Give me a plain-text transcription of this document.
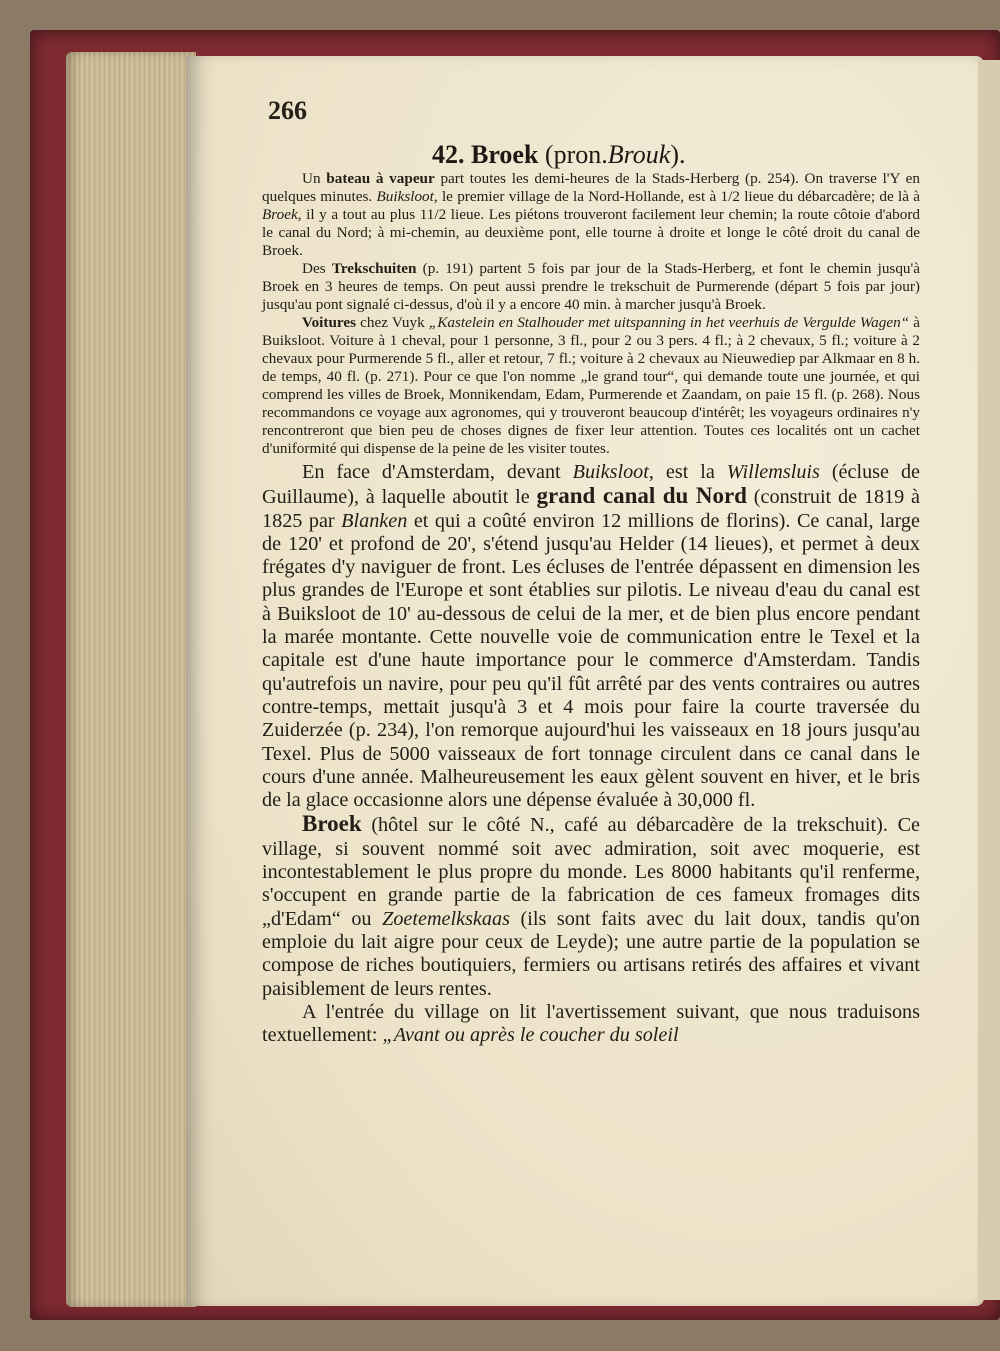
266
42. Broek (pron.Brouk).

Un bateau à vapeur part toutes les demi-heures de la Stads-Herberg (p. 254). On traverse l'Y en quelques minutes. Buiksloot, le premier village de la Nord-Hollande, est à 1/2 lieue du débarcadère; de là à Broek, il y a tout au plus 11/2 lieue. Les piétons trouveront facilement leur chemin; la route côtoie d'abord le canal du Nord; à mi-chemin, au deuxième pont, elle tourne à droite et longe le côté droit du canal de Broek.

Des Trekschuiten (p. 191) partent 5 fois par jour de la Stads-Herberg, et font le chemin jusqu'à Broek en 3 heures de temps. On peut aussi prendre le trekschuit de Purmerende (départ 5 fois par jour) jusqu'au pont signalé ci-dessus, d'où il y a encore 40 min. à marcher jusqu'à Broek.

Voitures chez Vuyk „Kastelein en Stalhouder met uitspanning in het veerhuis de Vergulde Wagen“ à Buiksloot. Voiture à 1 cheval, pour 1 personne, 3 fl., pour 2 ou 3 pers. 4 fl.; à 2 chevaux, 5 fl.; voiture à 2 chevaux pour Purmerende 5 fl., aller et retour, 7 fl.; voiture à 2 chevaux au Nieuwediep par Alkmaar en 8 h. de temps, 40 fl. (p. 271). Pour ce que l'on nomme „le grand tour“, qui demande toute une journée, et qui comprend les villes de Broek, Monnikendam, Edam, Purmerende et Zaandam, on paie 15 fl. (p. 268). Nous recommandons ce voyage aux agronomes, qui y trouveront beaucoup d'intérêt; les voyageurs ordinaires n'y rencontreront que bien peu de choses dignes de fixer leur attention. Toutes ces localités ont un cachet d'uniformité qui dispense de la peine de les visiter toutes.

En face d'Amsterdam, devant Buiksloot, est la Willemsluis (écluse de Guillaume), à laquelle aboutit le grand canal du Nord (construit de 1819 à 1825 par Blanken et qui a coûté environ 12 millions de florins). Ce canal, large de 120' et profond de 20', s'étend jusqu'au Helder (14 lieues), et permet à deux frégates d'y naviguer de front. Les écluses de l'entrée dépassent en dimension les plus grandes de l'Europe et sont établies sur pilotis. Le niveau d'eau du canal est à Buiksloot de 10' au-dessous de celui de la mer, et de bien plus encore pendant la marée montante. Cette nouvelle voie de communication entre le Texel et la capitale est d'une haute importance pour le commerce d'Amsterdam. Tandis qu'autrefois un navire, pour peu qu'il fût arrêté par des vents contraires ou autres contre-temps, mettait jusqu'à 3 et 4 mois pour faire la courte traversée du Zuiderzée (p. 234), l'on remorque aujourd'hui les vaisseaux en 18 jours jusqu'au Texel. Plus de 5000 vaisseaux de fort tonnage circulent dans ce canal dans le cours d'une année. Malheureusement les eaux gèlent souvent en hiver, et le bris de la glace occasionne alors une dépense évaluée à 30,000 fl.

Broek (hôtel sur le côté N., café au débarcadère de la trekschuit). Ce village, si souvent nommé soit avec admiration, soit avec moquerie, est incontestablement le plus propre du monde. Les 8000 habitants qu'il renferme, s'occupent en grande partie de la fabrication de ces fameux fromages dits „d'Edam“ ou Zoetemelkskaas (ils sont faits avec du lait doux, tandis qu'on emploie du lait aigre pour ceux de Leyde); une autre partie de la population se compose de riches boutiquiers, fermiers ou artisans retirés des affaires et vivant paisiblement de leurs rentes.

A l'entrée du village on lit l'avertissement suivant, que nous traduisons textuellement: „Avant ou après le coucher du soleil
